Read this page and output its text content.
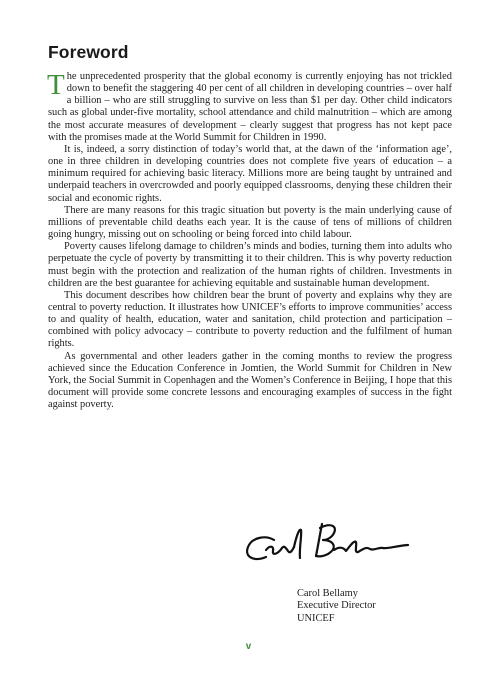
Foreword

The unprecedented prosperity that the global economy is currently enjoying has not trickled down to benefit the staggering 40 per cent of all children in developing countries – over half a billion – who are still struggling to survive on less than $1 per day. Other child indicators such as global under-five mortality, school attendance and child malnutrition – which are among the most accurate measures of development – clearly suggest that progress has not kept pace with the promises made at the World Summit for Children in 1990.

It is, indeed, a sorry distinction of today’s world that, at the dawn of the ‘information age’, one in three children in developing countries does not complete five years of education – a minimum required for achieving basic literacy. Millions more are being taught by untrained and underpaid teachers in overcrowded and poorly equipped classrooms, denying these children their social and economic rights.

There are many reasons for this tragic situation but poverty is the main underlying cause of millions of preventable child deaths each year. It is the cause of tens of millions of children going hungry, missing out on schooling or being forced into child labour.

Poverty causes lifelong damage to children’s minds and bodies, turning them into adults who perpetuate the cycle of poverty by transmitting it to their children. This is why poverty reduction must begin with the protection and realization of the human rights of children. Investments in children are the best guarantee for achieving equitable and sustainable human development.

This document describes how children bear the brunt of poverty and explains why they are central to poverty reduction. It illustrates how UNICEF’s efforts to improve communities’ access to and quality of health, education, water and sanitation, child protection and participation – combined with policy advocacy – contribute to poverty reduction and the fulfilment of human rights.

As governmental and other leaders gather in the coming months to review the progress achieved since the Education Conference in Jomtien, the World Summit for Children in New York, the Social Summit in Copenhagen and the Women’s Conference in Beijing, I hope that this document will provide some concrete lessons and encouraging examples of success in the fight against poverty.

Carol Bellamy
Executive Director
UNICEF
v
